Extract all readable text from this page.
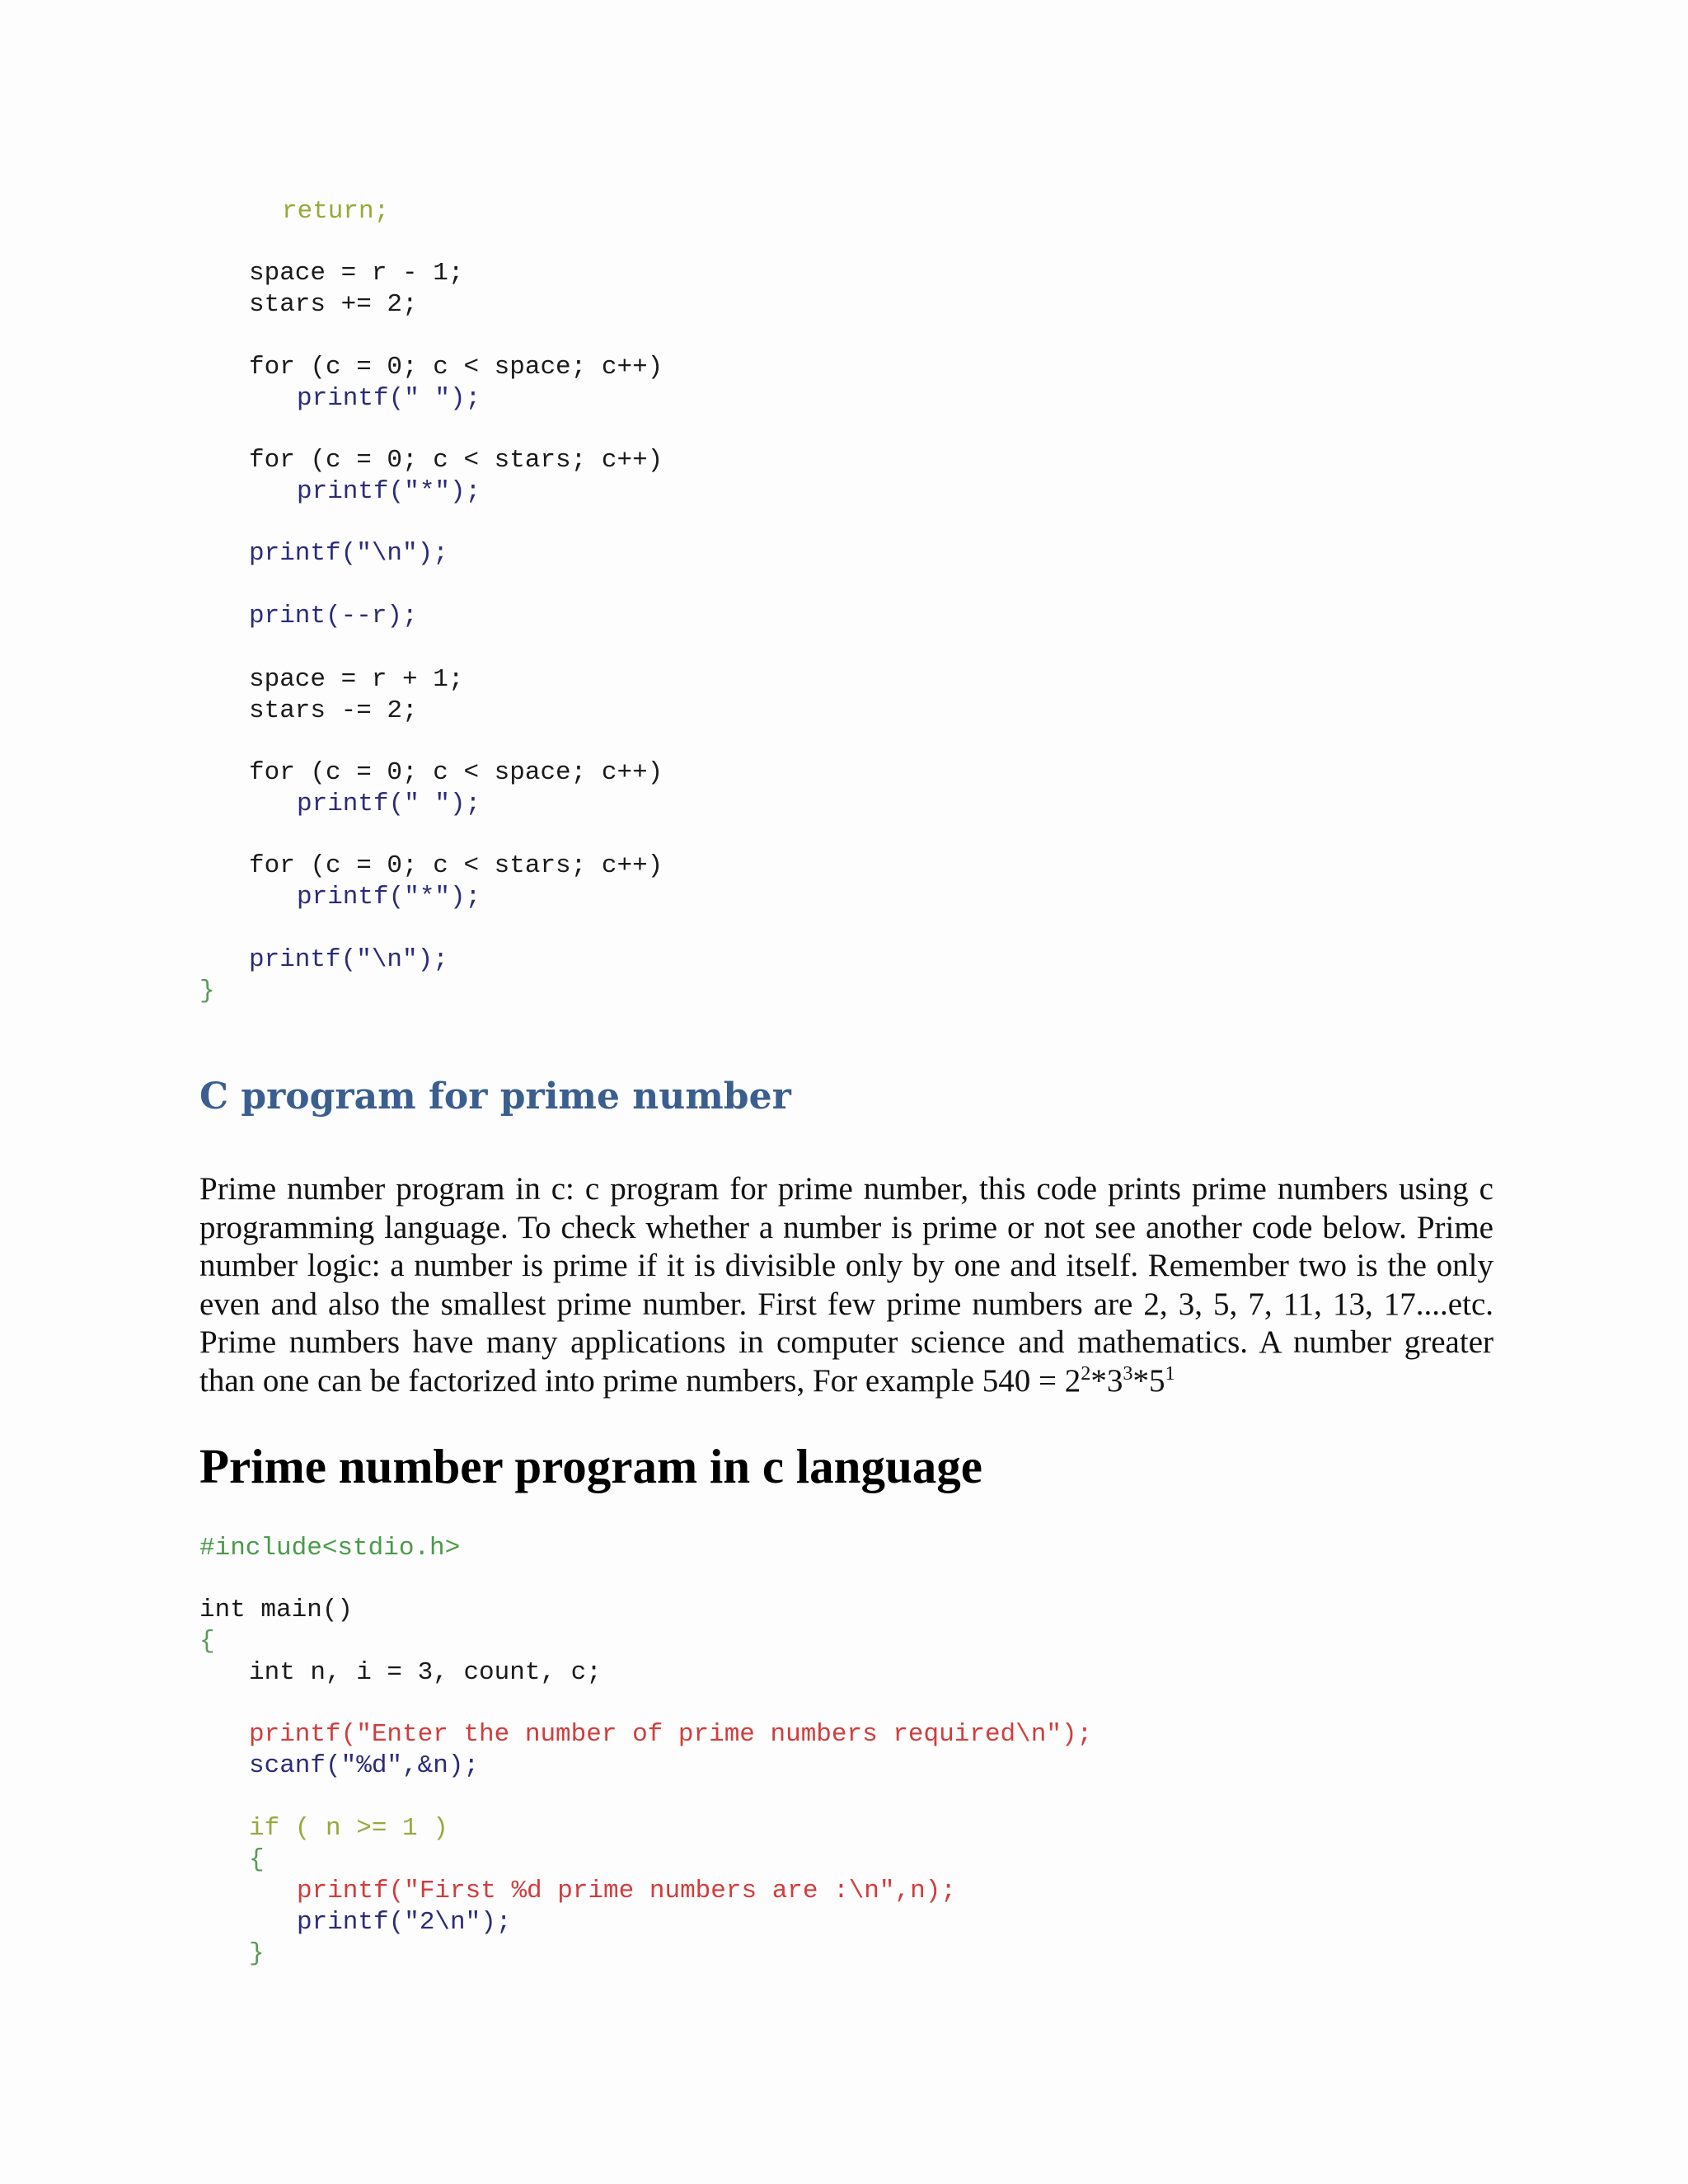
return;
space = r - 1;
stars += 2;
for (c = 0; c < space; c++)
printf(" ");
for (c = 0; c < stars; c++)
printf("*");
printf("\n");
print(--r);
space = r + 1;
stars -= 2;
for (c = 0; c < space; c++)
printf(" ");
for (c = 0; c < stars; c++)
printf("*");
printf("\n");
}
C program for prime number

Prime number program in c: c program for prime number, this code prints prime numbers using c programming language. To check whether a number is prime or not see another code below. Prime number logic: a number is prime if it is divisible only by one and itself. Remember two is the only even and also the smallest prime number. First few prime numbers are 2, 3, 5, 7, 11, 13, 17....etc. Prime numbers have many applications in computer science and mathematics. A number greater than one can be factorized into prime numbers, For example $540 = 2^2*3^3*5^1$

Prime number program in c language
#include<stdio.h>
int main()
{
int n, i = 3, count, c;
printf("Enter the number of prime numbers required\n");
scanf("%d",&n);
if ( n >= 1 )
{
printf("First %d prime numbers are :\n",n);
printf("2\n");
}
